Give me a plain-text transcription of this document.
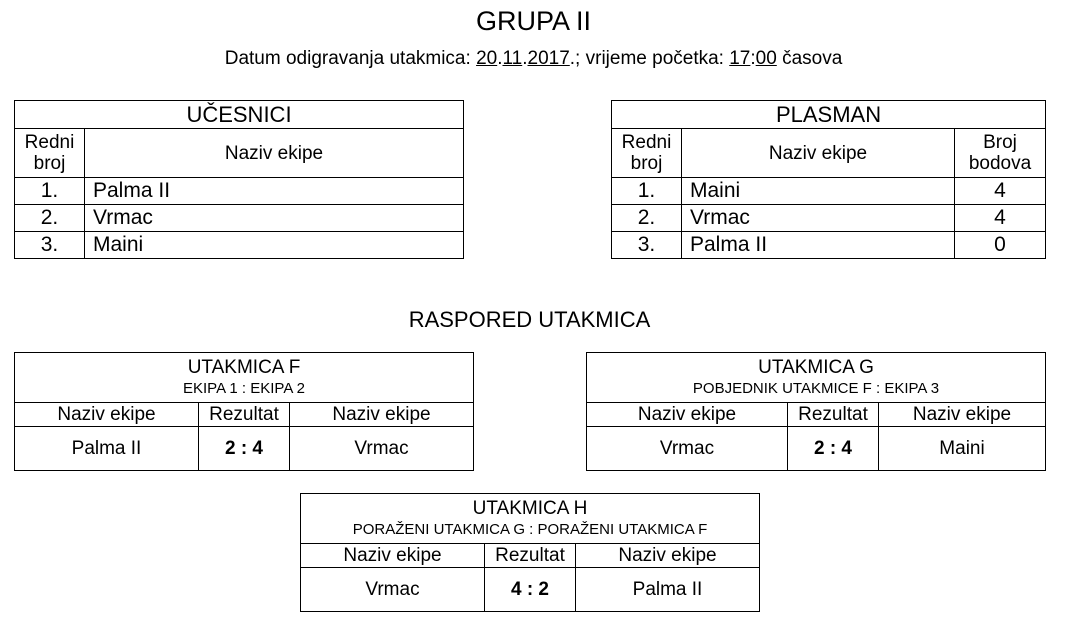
GRUPA II
Datum odigravanja utakmica: 20.11.2017.; vrijeme početka: 17:00 časova
UČESNICI	
Redni broj	Naziv ekipe
1.	Palma II
2.	Vrmac
3.	Maini
PLASMAN		
Redni broj	Naziv ekipe	Broj bodova
1.	Maini	4
2.	Vrmac	4
3.	Palma II	0
RASPORED UTAKMICA
UTAKMICA F
EKIPA 1 : EKIPA 2		

Naziv ekipe	Rezultat	Naziv ekipe
Palma II	2 : 4	Vrmac
UTAKMICA G
POBJEDNIK UTAKMICE F : EKIPA 3		

Naziv ekipe	Rezultat	Naziv ekipe
Vrmac	2 : 4	Maini
UTAKMICA H
PORAŽENI UTAKMICA G : PORAŽENI UTAKMICA F		

Naziv ekipe	Rezultat	Naziv ekipe
Vrmac	4 : 2	Palma II
